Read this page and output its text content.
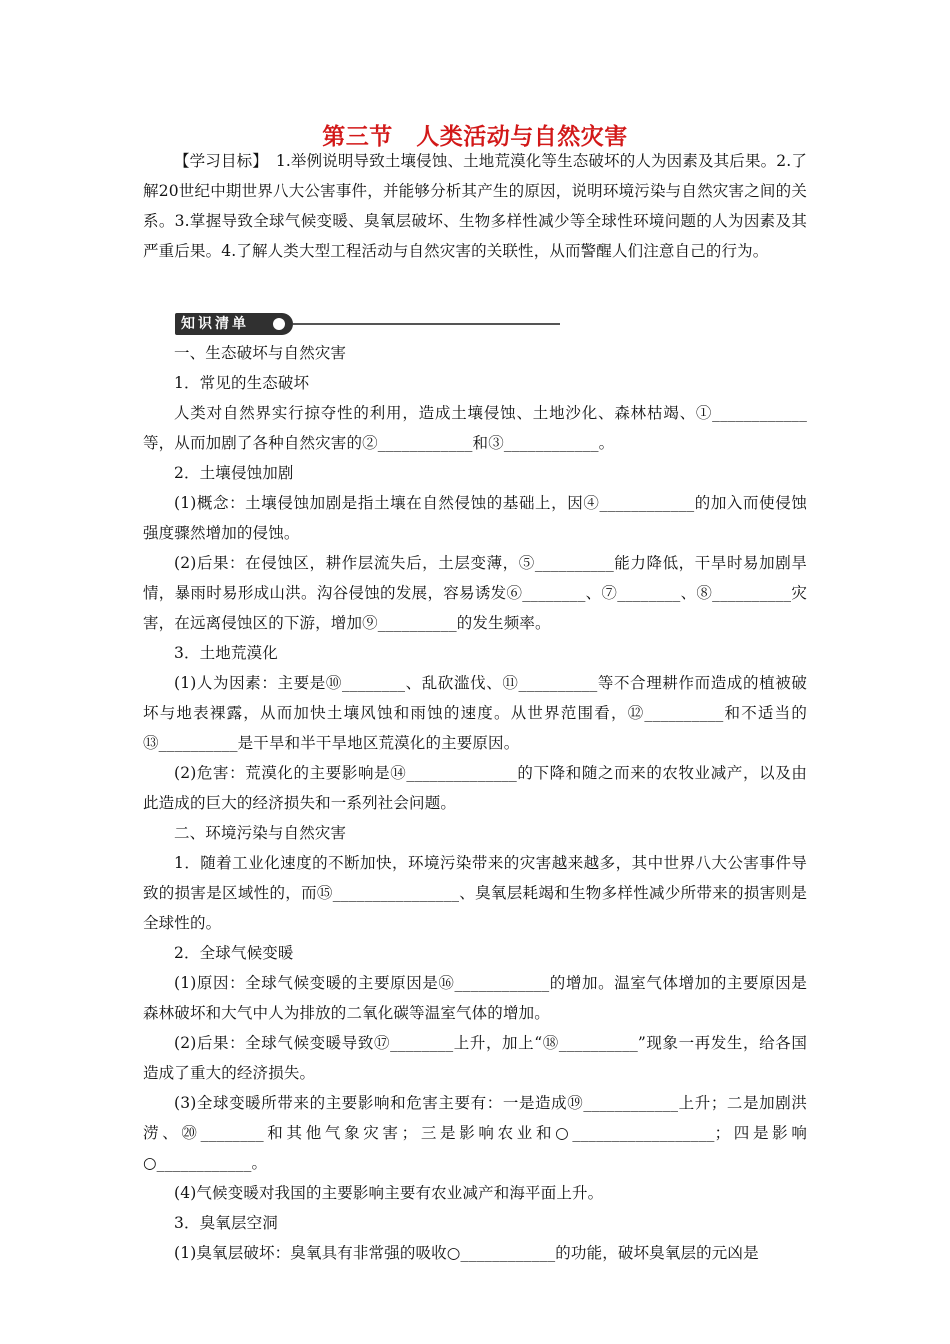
第三节　人类活动与自然灾害

【学习目标】　1.举例说明导致土壤侵蚀、土地荒漠化等生态破坏的人为因素及其后果。2.了解20世纪中期世界八大公害事件，并能够分析其产生的原因，说明环境污染与自然灾害之间的关系。3.掌握导致全球气候变暖、臭氧层破坏、生物多样性减少等全球性环境问题的人为因素及其严重后果。4.了解人类大型工程活动与自然灾害的关联性，从而警醒人们注意自己的行为。

知识清单

一、生态破坏与自然灾害

1．常见的生态破坏

人类对自然界实行掠夺性的利用，造成土壤侵蚀、土地沙化、森林枯竭、①____________等，从而加剧了各种自然灾害的②____________和③____________。

2．土壤侵蚀加剧

(1)概念：土壤侵蚀加剧是指土壤在自然侵蚀的基础上，因④____________的加入而使侵蚀强度骤然增加的侵蚀。

(2)后果：在侵蚀区，耕作层流失后，土层变薄，⑤__________能力降低，干旱时易加剧旱情，暴雨时易形成山洪。沟谷侵蚀的发展，容易诱发⑥________、⑦________、⑧__________灾害，在远离侵蚀区的下游，增加⑨__________的发生频率。

3．土地荒漠化

(1)人为因素：主要是⑩________、乱砍滥伐、⑪__________等不合理耕作而造成的植被破坏与地表裸露，从而加快土壤风蚀和雨蚀的速度。从世界范围看，⑫__________和不适当的⑬__________是干旱和半干旱地区荒漠化的主要原因。

(2)危害：荒漠化的主要影响是⑭______________的下降和随之而来的农牧业减产，以及由此造成的巨大的经济损失和一系列社会问题。

二、环境污染与自然灾害

1．随着工业化速度的不断加快，环境污染带来的灾害越来越多，其中世界八大公害事件导致的损害是区域性的，而⑮________________、臭氧层耗竭和生物多样性减少所带来的损害则是全球性的。

2．全球气候变暖

(1)原因：全球气候变暖的主要原因是⑯____________的增加。温室气体增加的主要原因是森林破坏和大气中人为排放的二氧化碳等温室气体的增加。

(2)后果：全球气候变暖导致⑰________上升，加上“⑱__________”现象一再发生，给各国造成了重大的经济损失。

(3)全球变暖所带来的主要影响和危害主要有：一是造成⑲____________上升；二是加剧洪涝、⑳________和其他气象灾害；三是影响农业和○__________________；四是影响○____________。

(4)气候变暖对我国的主要影响主要有农业减产和海平面上升。

3．臭氧层空洞

(1)臭氧层破坏：臭氧具有非常强的吸收○____________的功能，破坏臭氧层的元凶是
